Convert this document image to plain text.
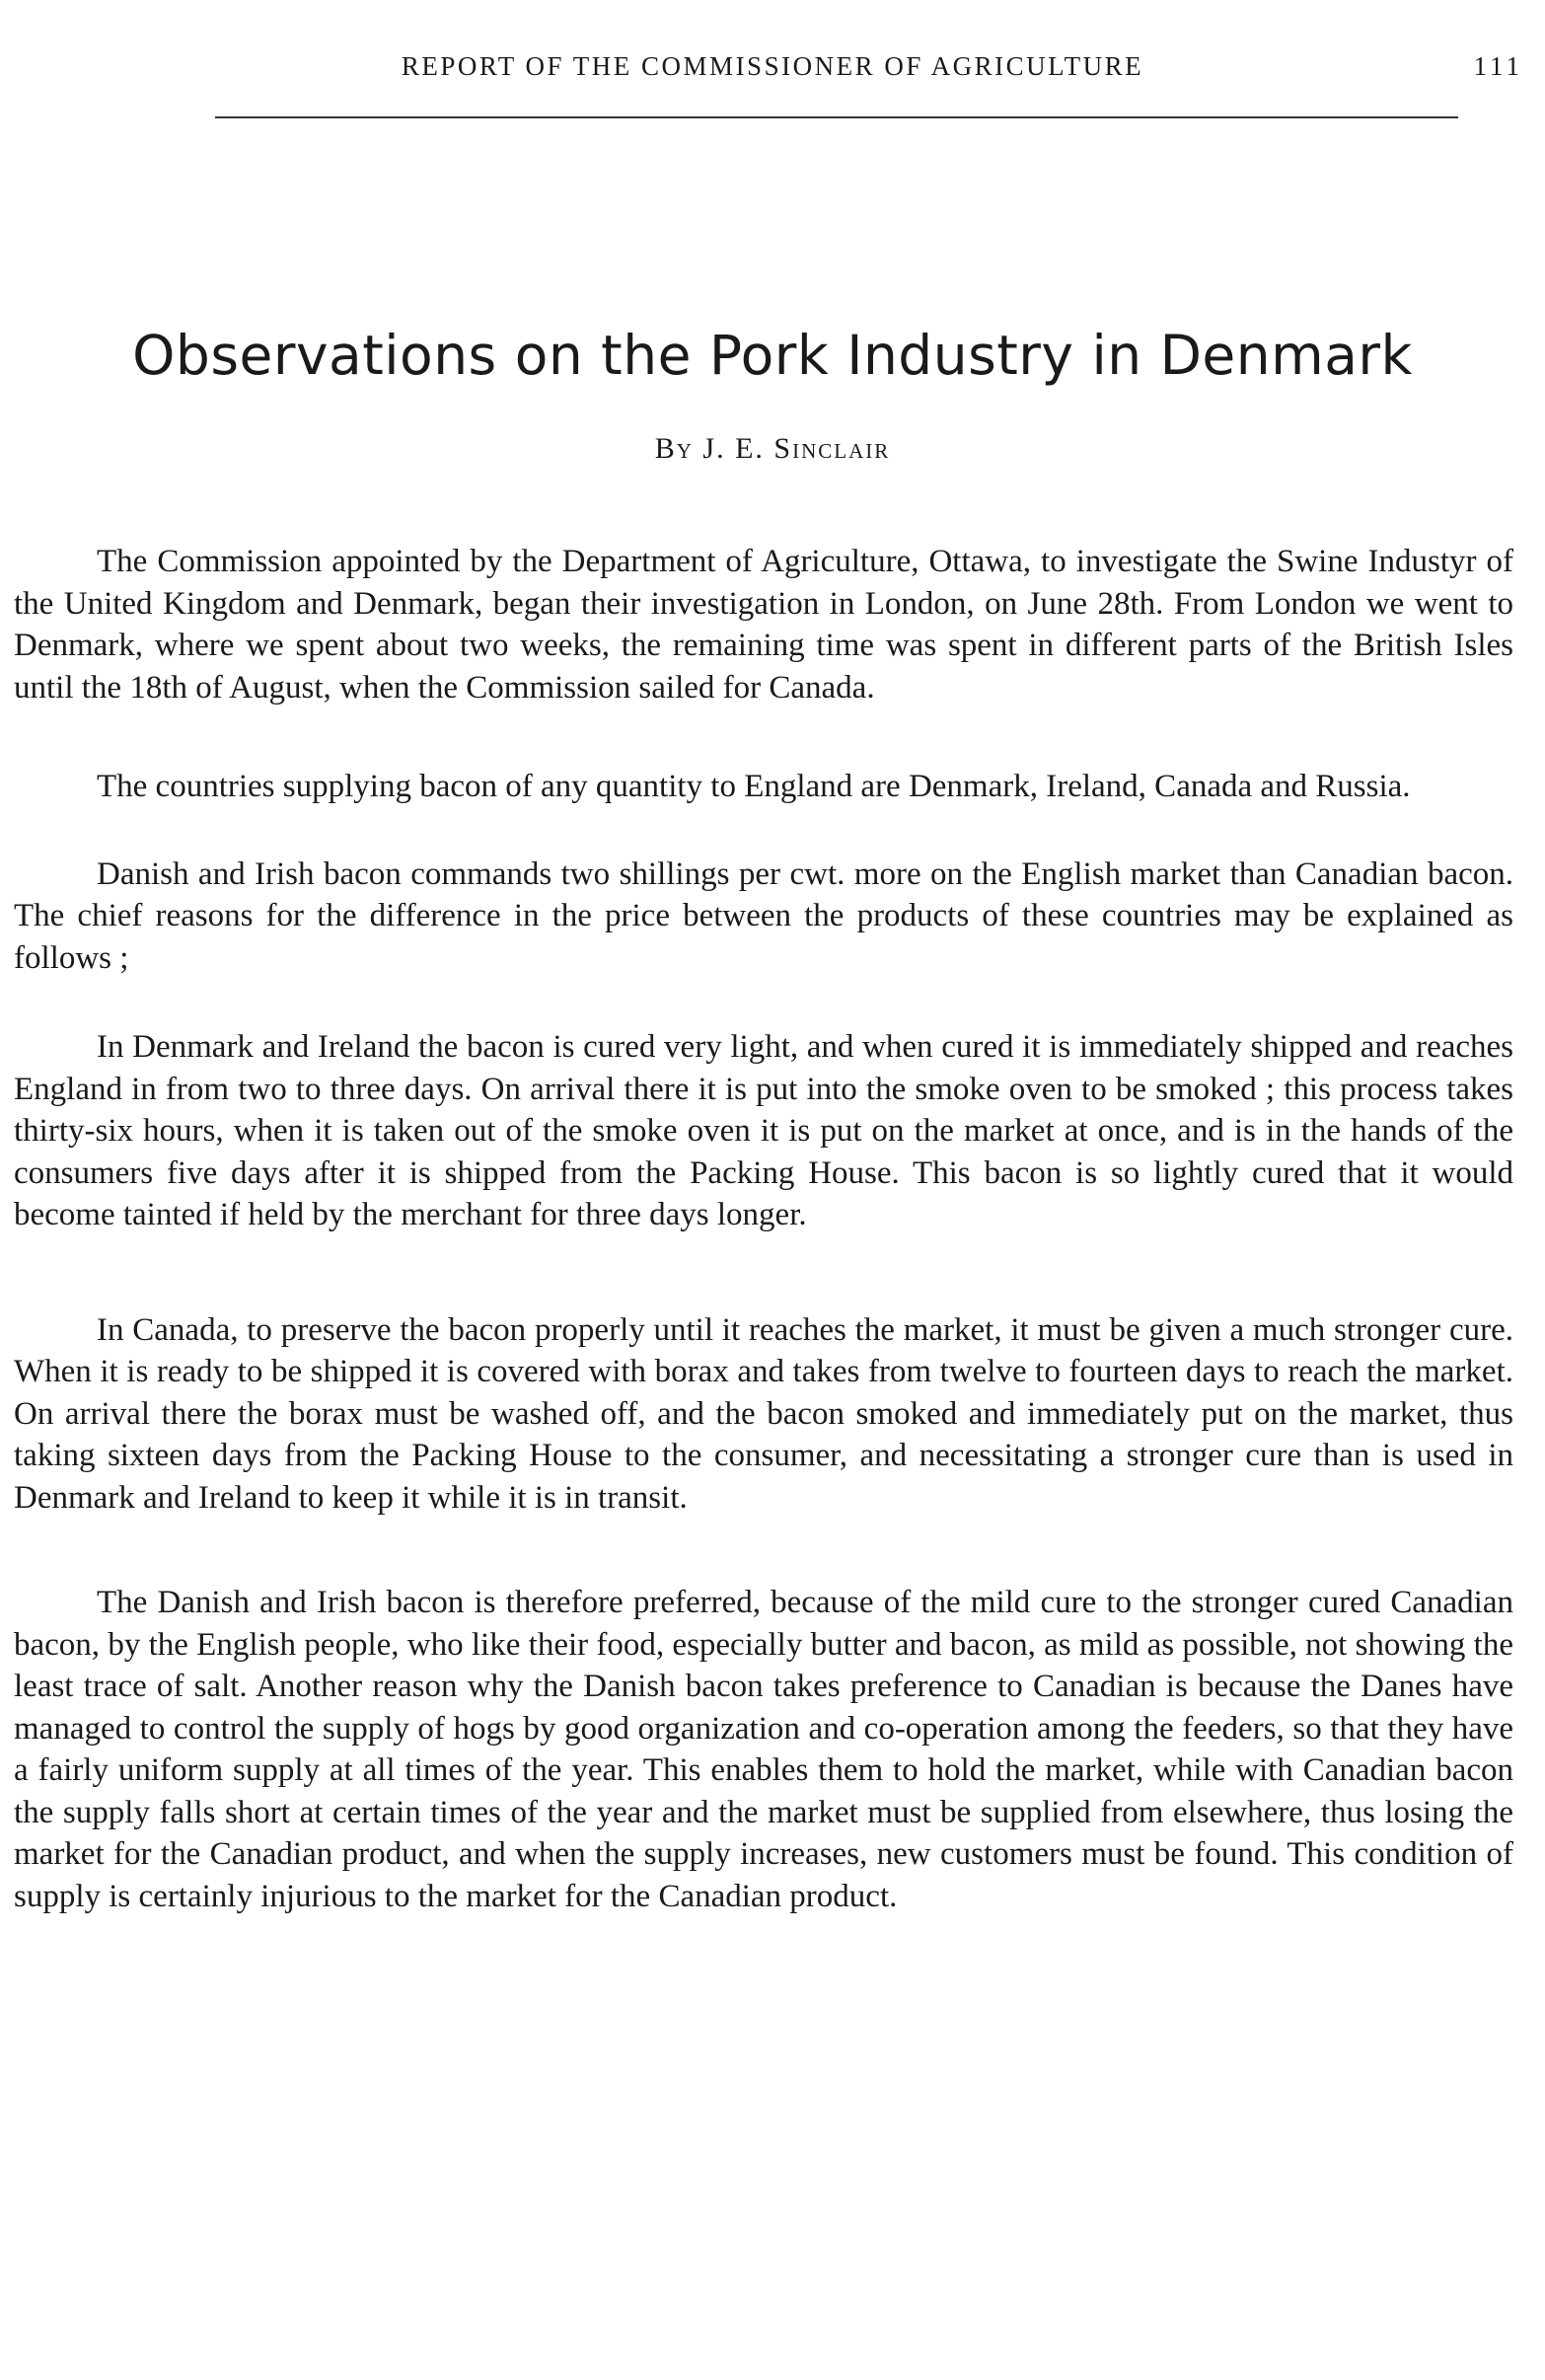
REPORT OF THE COMMISSIONER OF AGRICULTURE	111
Observations on the Pork Industry in Denmark
By J. E. Sinclair

The Commission appointed by the Department of Agriculture, Ottawa, to investigate the Swine Industyr of the United Kingdom and Denmark, began their investigation in London, on June 28th. From London we went to Denmark, where we spent about two weeks, the remaining time was spent in different parts of the British Isles until the 18th of August, when the Commission sailed for Canada.

The countries supplying bacon of any quantity to England are Denmark, Ireland, Canada and Russia.

Danish and Irish bacon commands two shillings per cwt. more on the English market than Canadian bacon. The chief reasons for the difference in the price between the products of these countries may be explained as follows ;

In Denmark and Ireland the bacon is cured very light, and when cured it is immediately shipped and reaches England in from two to three days. On arrival there it is put into the smoke oven to be smoked ; this process takes thirty-six hours, when it is taken out of the smoke oven it is put on the market at once, and is in the hands of the consumers five days after it is shipped from the Packing House. This bacon is so lightly cured that it would become tainted if held by the merchant for three days longer.

In Canada, to preserve the bacon properly until it reaches the market, it must be given a much stronger cure. When it is ready to be shipped it is covered with borax and takes from twelve to fourteen days to reach the market. On arrival there the borax must be washed off, and the bacon smoked and immediately put on the market, thus taking sixteen days from the Packing House to the consumer, and necessitating a stronger cure than is used in Denmark and Ireland to keep it while it is in transit.

The Danish and Irish bacon is therefore preferred, because of the mild cure to the stronger cured Canadian bacon, by the English people, who like their food, especially butter and bacon, as mild as possible, not showing the least trace of salt. Another reason why the Danish bacon takes preference to Canadian is because the Danes have managed to control the supply of hogs by good organization and co-operation among the feeders, so that they have a fairly uniform supply at all times of the year. This enables them to hold the market, while with Canadian bacon the supply falls short at certain times of the year and the market must be supplied from elsewhere, thus losing the market for the Canadian product, and when the supply increases, new customers must be found. This condition of supply is certainly injurious to the market for the Canadian product.
